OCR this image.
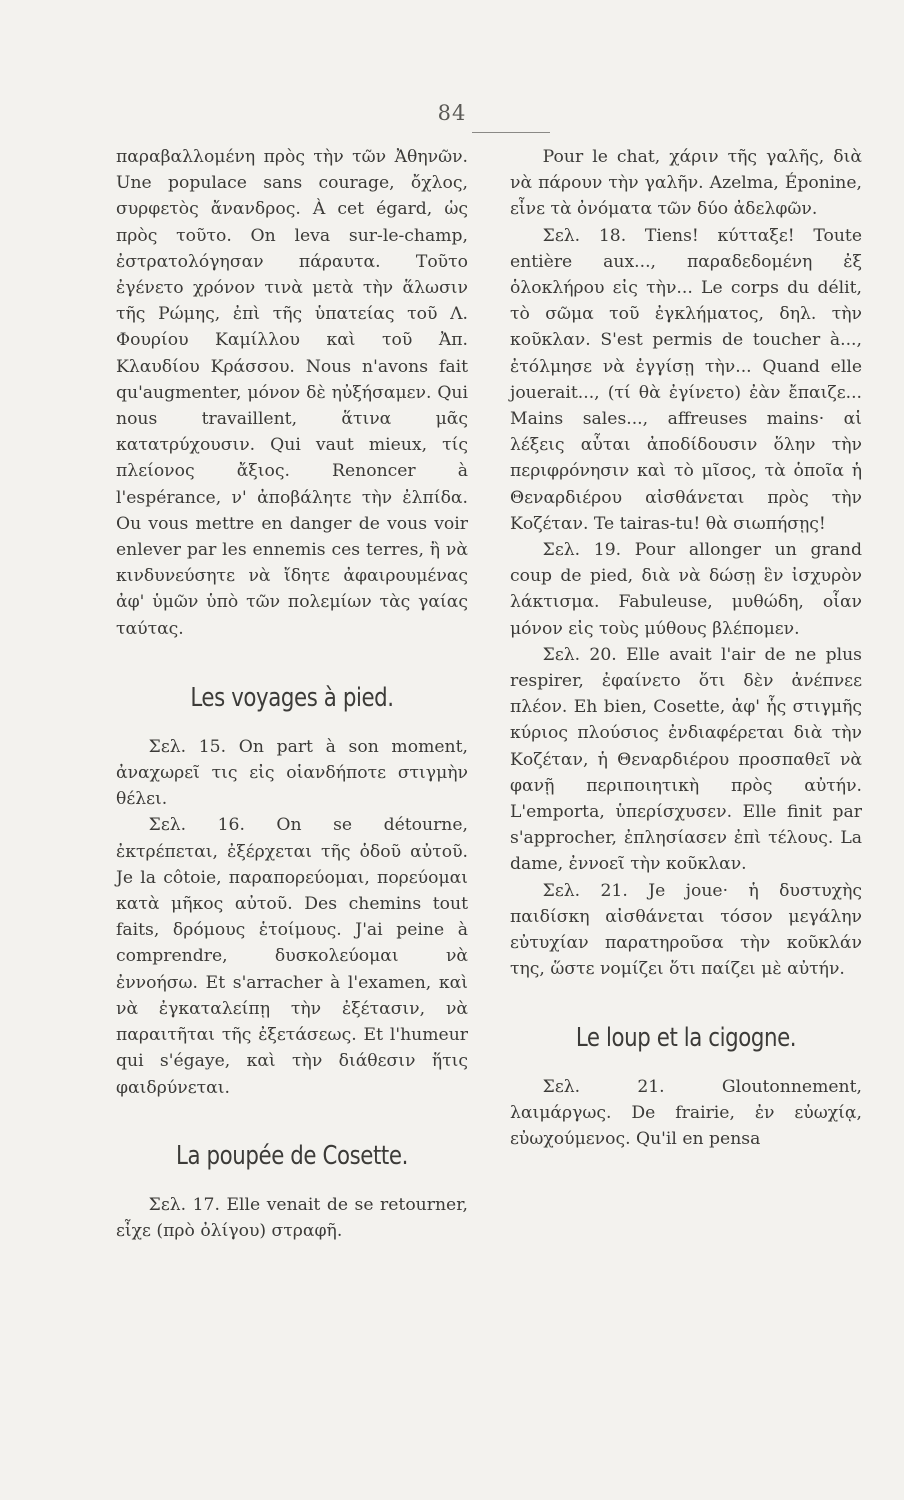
84

παραβαλλομένη πρὸς τὴν τῶν Ἀθηνῶν. Une populace sans courage, ὄχλος, συρφετὸς ἄνανδρος. À cet égard, ὡς πρὸς τοῦτο. On leva sur-le-champ, ἐστρατολόγησαν πάραυτα. Τοῦτο ἐγένετο χρόνον τινὰ μετὰ τὴν ἅλωσιν τῆς Ρώμης, ἐπὶ τῆς ὑπατείας τοῦ Λ. Φουρίου Καμίλλου καὶ τοῦ Ἀπ. Κλαυδίου Κράσσου. Nous n'avons fait qu'augmenter, μόνον δὲ ηὐξήσαμεν. Qui nous travaillent, ἅτινα μᾶς κατατρύχουσιν. Qui vaut mieux, τίς πλείονος ἄξιος. Renoncer à l'espérance, ν' ἀποβάλητε τὴν ἐλπίδα. Ou vous mettre en danger de vous voir enlever par les ennemis ces terres, ἢ νὰ κινδυνεύσητε νὰ ἴδητε ἀφαιρουμένας ἀφ' ὑμῶν ὑπὸ τῶν πολεμίων τὰς γαίας ταύτας.

Les voyages à pied.

Σελ. 15. On part à son moment, ἀναχωρεῖ τις εἰς οἱανδήποτε στιγμὴν θέλει.

Σελ. 16. On se détourne, ἐκτρέπεται, ἐξέρχεται τῆς ὁδοῦ αὐτοῦ. Je la côtoie, παραπορεύομαι, πορεύομαι κατὰ μῆκος αὐτοῦ. Des chemins tout faits, δρόμους ἑτοίμους. J'ai peine à comprendre, δυσκολεύομαι νὰ ἐννοήσω. Et s'arracher à l'examen, καὶ νὰ ἐγκαταλείπῃ τὴν ἐξέτασιν, νὰ παραιτῆται τῆς ἐξετάσεως. Et l'humeur qui s'égaye, καὶ τὴν διάθεσιν ἥτις φαιδρύνεται.

La poupée de Cosette.

Σελ. 17. Elle venait de se retourner, εἶχε (πρὸ ὀλίγου) στραφῆ.

Pour le chat, χάριν τῆς γαλῆς, διὰ νὰ πάρουν τὴν γαλῆν. Azelma, Éponine, εἶνε τὰ ὀνόματα τῶν δύο ἀδελφῶν.

Σελ. 18. Tiens! κύτταξε! Toute entière aux..., παραδεδομένη ἐξ ὁλοκλήρου εἰς τὴν... Le corps du délit, τὸ σῶμα τοῦ ἐγκλήματος, δηλ. τὴν κοῦκλαν. S'est permis de toucher à..., ἐτόλμησε νὰ ἐγγίσῃ τὴν... Quand elle jouerait..., (τί θὰ ἐγίνετο) ἐὰν ἔπαιζε... Mains sales..., affreuses mains· αἱ λέξεις αὗται ἀποδίδουσιν ὅλην τὴν περιφρόνησιν καὶ τὸ μῖσος, τὰ ὁποῖα ἡ Θεναρδιέρου αἰσθάνεται πρὸς τὴν Κοζέταν. Te tairas-tu! θὰ σιωπήσῃς!

Σελ. 19. Pour allonger un grand coup de pied, διὰ νὰ δώσῃ ἓν ἰσχυρὸν λάκτισμα. Fabuleuse, μυθώδη, οἷαν μόνον εἰς τοὺς μύθους βλέπομεν.

Σελ. 20. Elle avait l'air de ne plus respirer, ἐφαίνετο ὅτι δὲν ἀνέπνεε πλέον. Eh bien, Cosette, ἀφ' ἧς στιγμῆς κύριος πλούσιος ἐνδιαφέρεται διὰ τὴν Κοζέταν, ἡ Θεναρδιέρου προσπαθεῖ νὰ φανῇ περιποιητικὴ πρὸς αὐτήν. L'emporta, ὑπερίσχυσεν. Elle finit par s'approcher, ἐπλησίασεν ἐπὶ τέλους. La dame, ἐννοεῖ τὴν κοῦκλαν.

Σελ. 21. Je joue· ἡ δυστυχὴς παιδίσκη αἰσθάνεται τόσον μεγάλην εὐτυχίαν παρατηροῦσα τὴν κοῦκλάν της, ὥστε νομίζει ὅτι παίζει μὲ αὐτήν.

Le loup et la cigogne.

Σελ. 21. Gloutonnement, λαιμάργως. De frairie, ἐν εὐωχίᾳ, εὐωχούμενος. Qu'il en pensa
